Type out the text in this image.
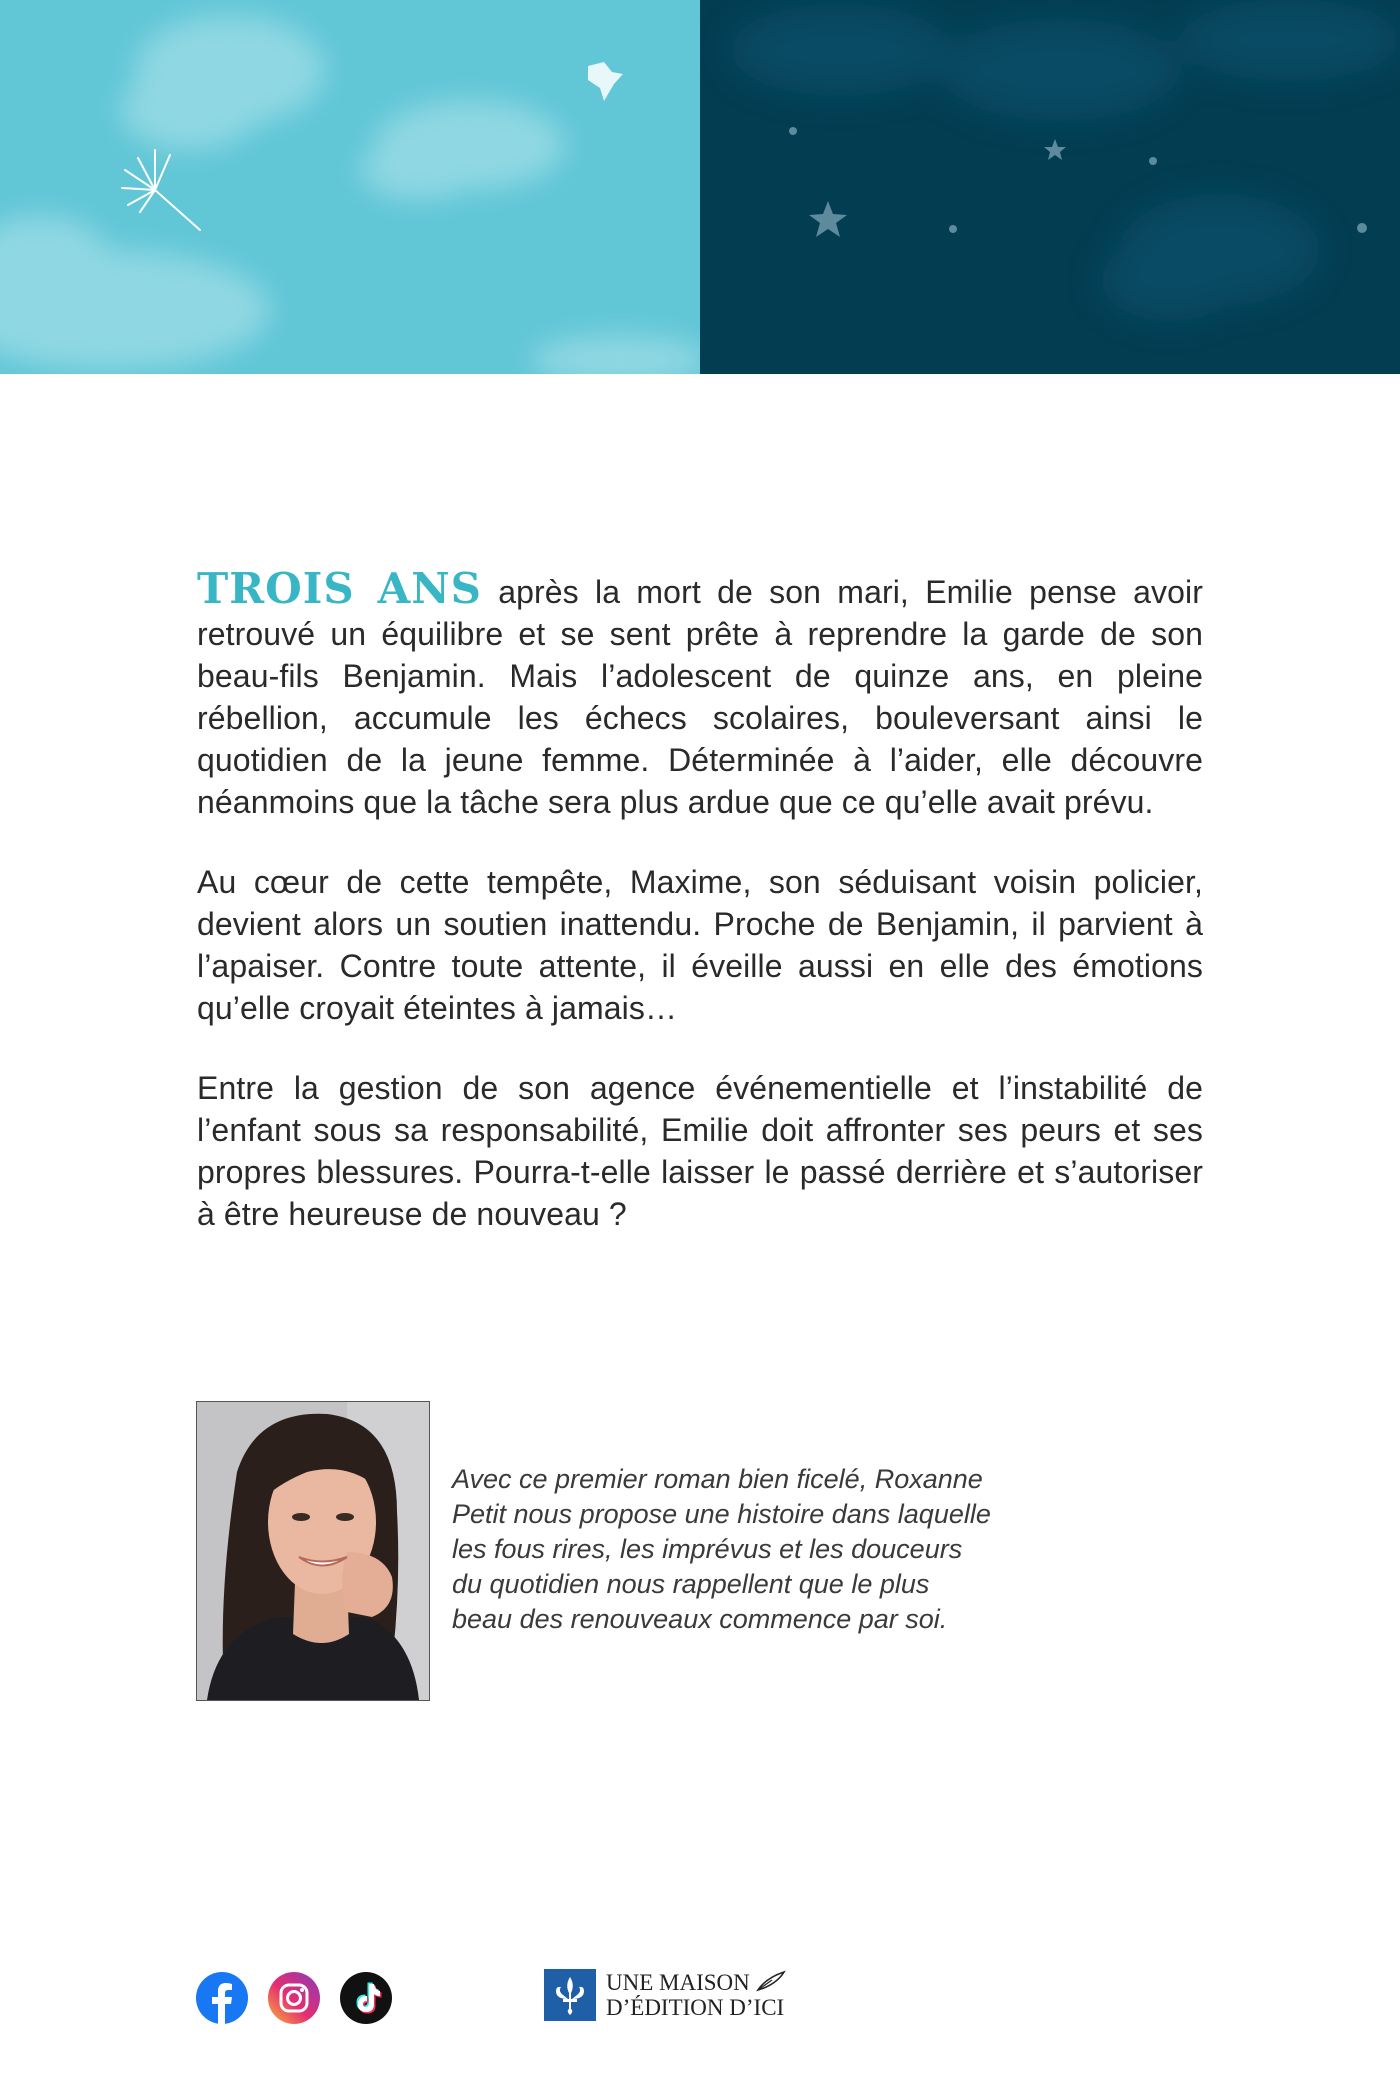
TROIS ANS après la mort de son mari, Emilie pense avoir retrouvé un équilibre et se sent prête à reprendre la garde de son beau-fils Benjamin. Mais l’adolescent de quinze ans, en pleine rébellion, accumule les échecs scolaires, bouleversant ainsi le quotidien de la jeune femme. Déterminée à l’aider, elle découvre néanmoins que la tâche sera plus ardue que ce qu’elle avait prévu.

Au cœur de cette tempête, Maxime, son séduisant voisin policier, devient alors un soutien inattendu. Proche de Benjamin, il parvient à l’apaiser. Contre toute attente, il éveille aussi en elle des émotions qu’elle croyait éteintes à jamais…

Entre la gestion de son agence événementielle et l’instabilité de l’enfant sous sa responsabilité, Emilie doit affronter ses peurs et ses propres blessures. Pourra-t-elle laisser le passé derrière et s’autoriser à être heureuse de nouveau ?

Avec ce premier roman bien ficelé, Roxanne
Petit nous propose une histoire dans laquelle
les fous rires, les imprévus et les douceurs
du quotidien nous rappellent que le plus
beau des renouveaux commence par soi.
UNE MAISON
D’ÉDITION D’ICI
